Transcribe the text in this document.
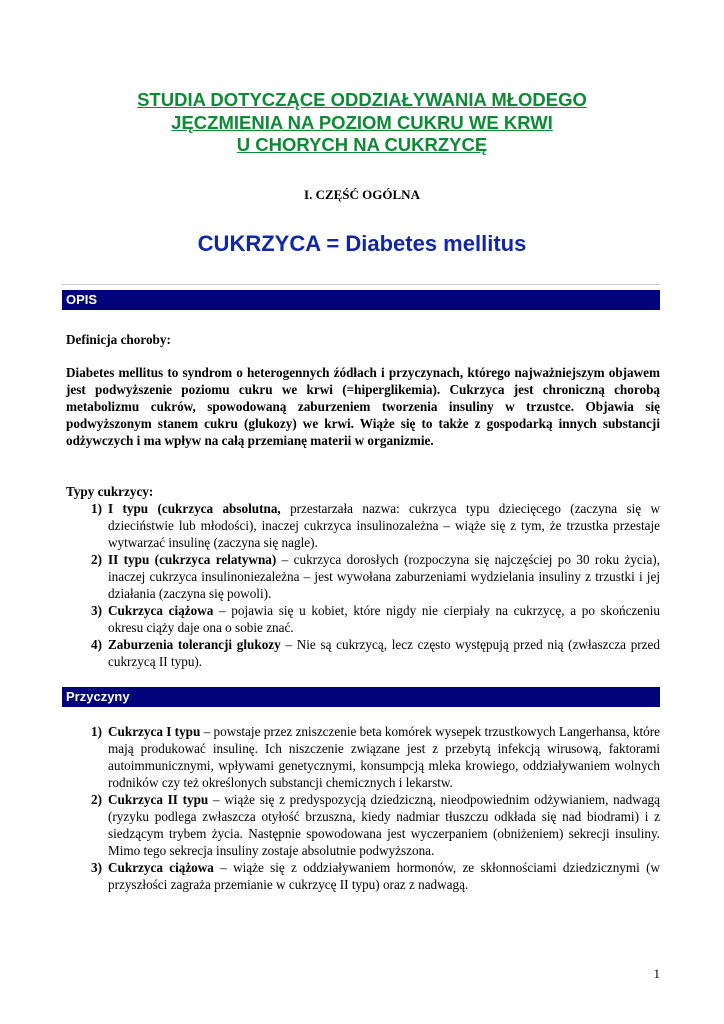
STUDIA DOTYCZĄCE ODDZIAŁYWANIA MŁODEGO
JĘCZMIENIA NA POZIOM CUKRU WE KRWI
U CHORYCH NA CUKRZYCĘ
I. CZĘŚĆ OGÓLNA
CUKRZYCA = Diabetes mellitus
OPIS
Definicja choroby:
Diabetes mellitus to syndrom o heterogennych źódłach i przyczynach, którego najważniejszym objawem jest podwyższenie poziomu cukru we krwi (=hiperglikemia). Cukrzyca jest chroniczną chorobą metabolizmu cukrów, spowodowaną zaburzeniem tworzenia insuliny w trzustce. Objawia się podwyższonym stanem cukru (glukozy) we krwi. Wiąże się to także z gospodarką innych substancji odżywczych i ma wpływ na całą przemianę materii w organizmie.
Typy cukrzycy:
1) I typu (cukrzyca absolutna, przestarzała nazwa: cukrzyca typu dziecięcego (zaczyna się w dzieciństwie lub młodości), inaczej cukrzyca insulinozależna – wiąże się z tym, że trzustka przestaje wytwarzać insulinę (zaczyna się nagle).
2) II typu (cukrzyca relatywna) – cukrzyca dorosłych (rozpoczyna się najczęściej po 30 roku życia), inaczej cukrzyca insulinoniezależna – jest wywołana zaburzeniami wydzielania insuliny z trzustki i jej działania (zaczyna się powoli).
3) Cukrzyca ciążowa – pojawia się u kobiet, które nigdy nie cierpiały na cukrzycę, a po skończeniu okresu ciąży daje ona o sobie znać.
4) Zaburzenia tolerancji glukozy – Nie są cukrzycą, lecz często występują przed nią (zwłaszcza przed cukrzycą II typu).
Przyczyny
1) Cukrzyca I typu – powstaje przez zniszczenie beta komórek wysepek trzustkowych Langerhansa, które mają produkować insulinę. Ich niszczenie związane jest z przebytą infekcją wirusową, faktorami autoimmunicznymi, wpływami genetycznymi, konsumpcją mleka krowiego, oddziaływaniem wolnych rodników czy też określonych substancji chemicznych i lekarstw.
2) Cukrzyca II typu – wiąże się z predyspozycją dziedziczną, nieodpowiednim odżywianiem, nadwagą (ryzyku podlega zwłaszcza otyłość brzuszna, kiedy nadmiar tłuszczu odkłada się nad biodrami) i z siedzącym trybem życia. Następnie spowodowana jest wyczerpaniem (obniżeniem) sekrecji insuliny. Mimo tego sekrecja insuliny zostaje absolutnie podwyższona.
3) Cukrzyca ciążowa – wiąże się z oddziaływaniem hormonów, ze skłonnościami dziedzicznymi (w przyszłości zagraża przemianie w cukrzycę II typu) oraz z nadwagą.
1
